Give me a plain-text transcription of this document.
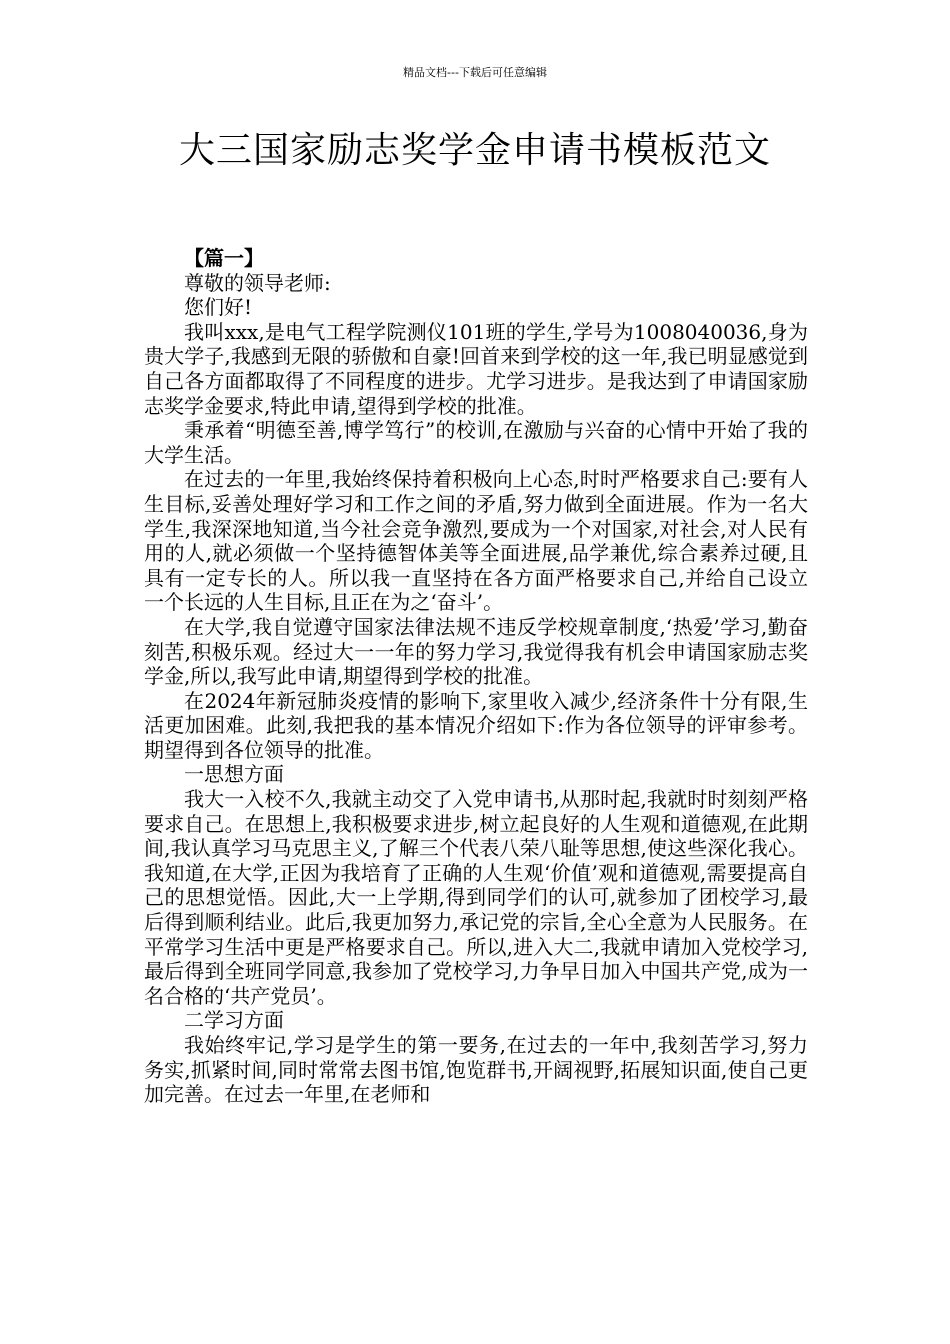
精品文档---下载后可任意编辑
大三国家励志奖学金申请书模板范文

【篇一】

尊敬的领导老师:

您们好!

我叫xxx,是电气工程学院测仪101班的学生,学号为1008040036,身为贵大学子,我感到无限的骄傲和自豪!回首来到学校的这一年,我已明显感觉到自己各方面都取得了不同程度的进步。尤学习进步。是我达到了申请国家励志奖学金要求,特此申请,望得到学校的批准。

秉承着“明德至善,博学笃行”的校训,在激励与兴奋的心情中开始了我的大学生活。

在过去的一年里,我始终保持着积极向上心态,时时严格要求自己:要有人生目标,妥善处理好学习和工作之间的矛盾,努力做到全面进展。作为一名大学生,我深深地知道,当今社会竞争激烈,要成为一个对国家,对社会,对人民有用的人,就必须做一个坚持德智体美等全面进展,品学兼优,综合素养过硬,且具有一定专长的人。所以我一直坚持在各方面严格要求自己,并给自己设立一个长远的人生目标,且正在为之‘奋斗’。

在大学,我自觉遵守国家法律法规不违反学校规章制度,‘热爱’学习,勤奋刻苦,积极乐观。经过大一一年的努力学习,我觉得我有机会申请国家励志奖学金,所以,我写此申请,期望得到学校的批准。

在2024年新冠肺炎疫情的影响下,家里收入减少,经济条件十分有限,生活更加困难。此刻,我把我的基本情况介绍如下:作为各位领导的评审参考。期望得到各位领导的批准。

一思想方面

我大一入校不久,我就主动交了入党申请书,从那时起,我就时时刻刻严格要求自己。在思想上,我积极要求进步,树立起良好的人生观和道德观,在此期间,我认真学习马克思主义,了解三个代表八荣八耻等思想,使这些深化我心。我知道,在大学,正因为我培育了正确的人生观‘价值’观和道德观,需要提高自己的思想觉悟。因此,大一上学期,得到同学们的认可,就参加了团校学习,最后得到顺利结业。此后,我更加努力,承记党的宗旨,全心全意为人民服务。在平常学习生活中更是严格要求自己。所以,进入大二,我就申请加入党校学习,最后得到全班同学同意,我参加了党校学习,力争早日加入中国共产党,成为一名合格的‘共产党员’。

二学习方面

我始终牢记,学习是学生的第一要务,在过去的一年中,我刻苦学习,努力务实,抓紧时间,同时常常去图书馆,饱览群书,开阔视野,拓展知识面,使自己更加完善。在过去一年里,在老师和
